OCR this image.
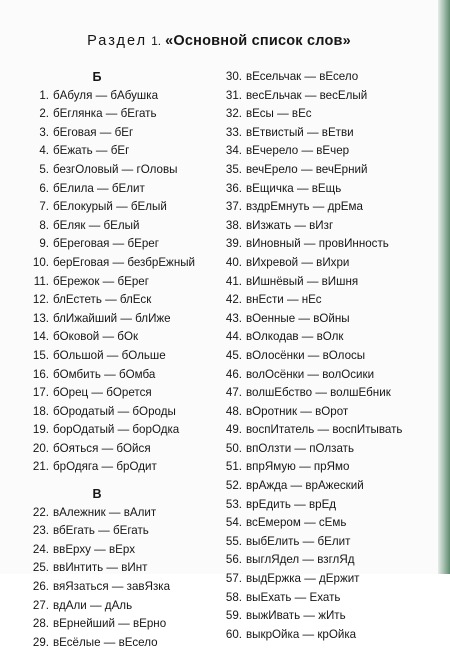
Раздел 1. «Основной список слов»
Б
1. бАбуля — бАбушка
2. бЕглянка — бЕгать
3. бЕговая — бЕг
4. бЕжать — бЕг
5. безгОловый — гОловы
6. бЕлила — бЕлит
7. бЕлокурый — бЕлый
8. бЕляк — бЕлый
9. бЕреговая — бЕрег
10. берЕговая — безбрЕжный
11. бЕрежок — бЕрег
12. блЕстеть — блЕск
13. блИжайший — блИже
14. бОковой — бОк
15. бОльшой — бОльше
16. бОмбить — бОмба
17. бОрец — бОрется
18. бОродатый — бОроды
19. борОдатый — борОдка
20. бОяться — бОйся
21. брОдяга — брОдит
В
22. вАлежник — вАлит
23. вбЕгать — бЕгать
24. ввЕрху — вЕрх
25. ввИнтить — вИнт
26. вяЯзаться — завЯзка
27. вдАли — дАль
28. вЕрнейший — вЕрно
29. вЕсёлые — вЕсело
30. вЕсельчак — вЕсело
31. весЕльчак — весЕлый
32. вЕсы — вЕс
33. вЕтвистый — вЕтви
34. вЕчерело — вЕчер
35. вечЕрело — вечЕрний
36. вЕщичка — вЕщь
37. вздрЕмнуть — дрЕма
38. вИзжать — вИзг
39. вИновный — провИнность
40. вИхревой — вИхри
41. вИшнёвый — вИшня
42. внЕсти — нЕс
43. вОенные — вОйны
44. вОлкодав — вОлк
45. вОлосёнки — вОлосы
46. волОсёнки — волОсики
47. волшЕбство — волшЕбник
48. вОротник — вОрот
49. воспИтатель — воспИтывать
50. впОлзти — пОлзать
51. впрЯмую — прЯмо
52. врАжда — врАжеский
53. врЕдить — врЕд
54. всЕмером — сЕмь
55. выбЕлить — бЕлит
56. выглЯдел — взглЯд
57. выдЕржка — дЕржит
58. выЕхать — Ехать
59. выжИвать — жИть
60. выкрОйка — крОйка
